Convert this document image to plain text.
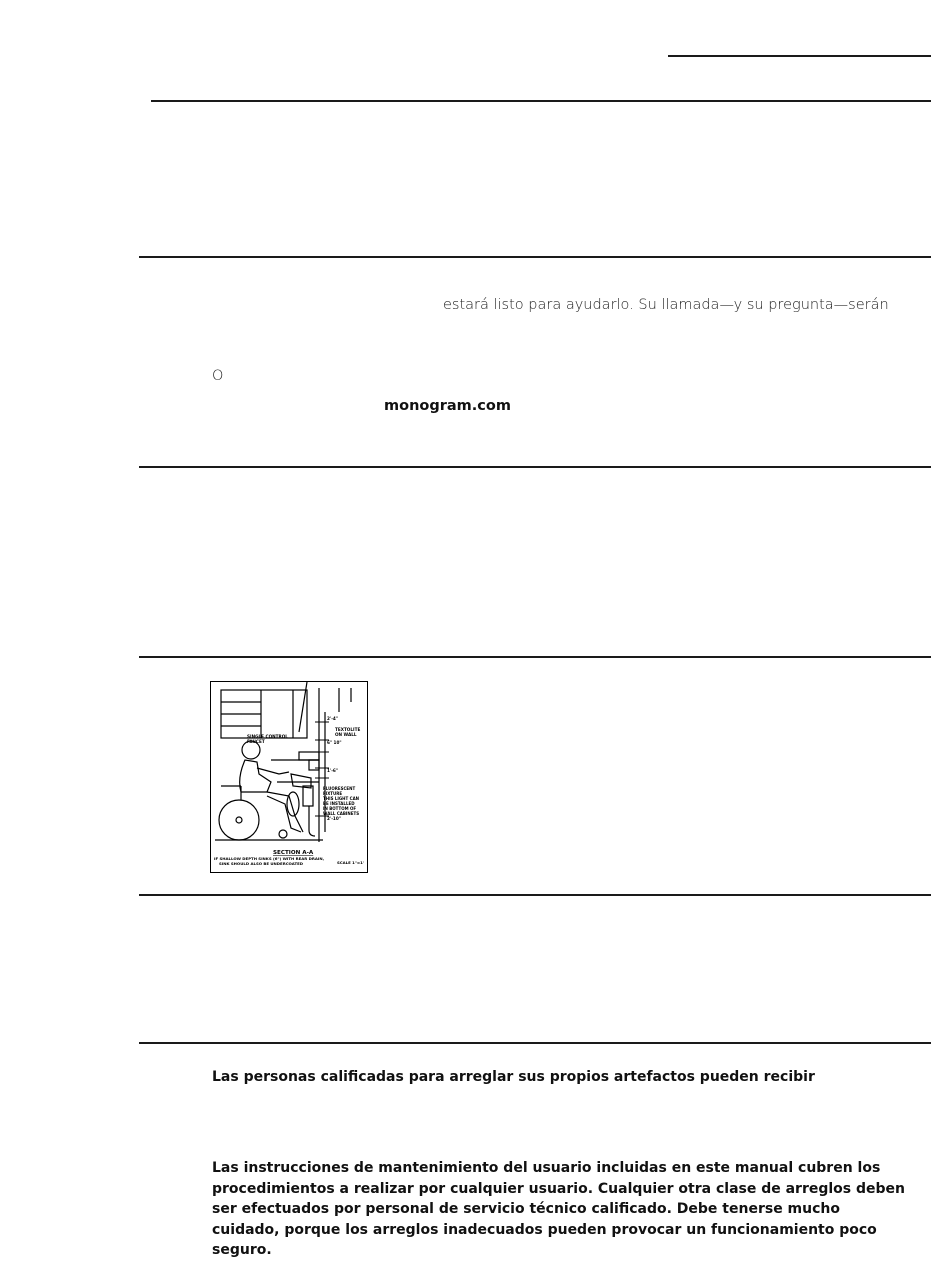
estará listo para ayudarlo. Su llamada—y su pregunta—serán
O
monogram.com
SINGLE CONTROL
FAUCET
TEXTOLITE
ON WALL
2'-4"
6" 10"
1'-6"
2'-10"
FLUORESCENT
FIXTURE
THIS LIGHT CAN
BE INSTALLED
IN BOTTOM OF
WALL CABINETS
SECTION A-A
IF SHALLOW DEPTH SINKS (6") WITH REAR DRAIN,
SINK SHOULD ALSO BE UNDERCOATED	SCALE 1"=1'
Las personas calificadas para arreglar sus propios artefactos pueden recibir
Las instrucciones de mantenimiento del usuario incluidas en este manual cubren los procedimientos a realizar por cualquier usuario. Cualquier otra clase de arreglos deben ser efectuados por personal de servicio técnico calificado. Debe tenerse mucho cuidado, porque los arreglos inadecuados pueden provocar un funcionamiento poco seguro.
